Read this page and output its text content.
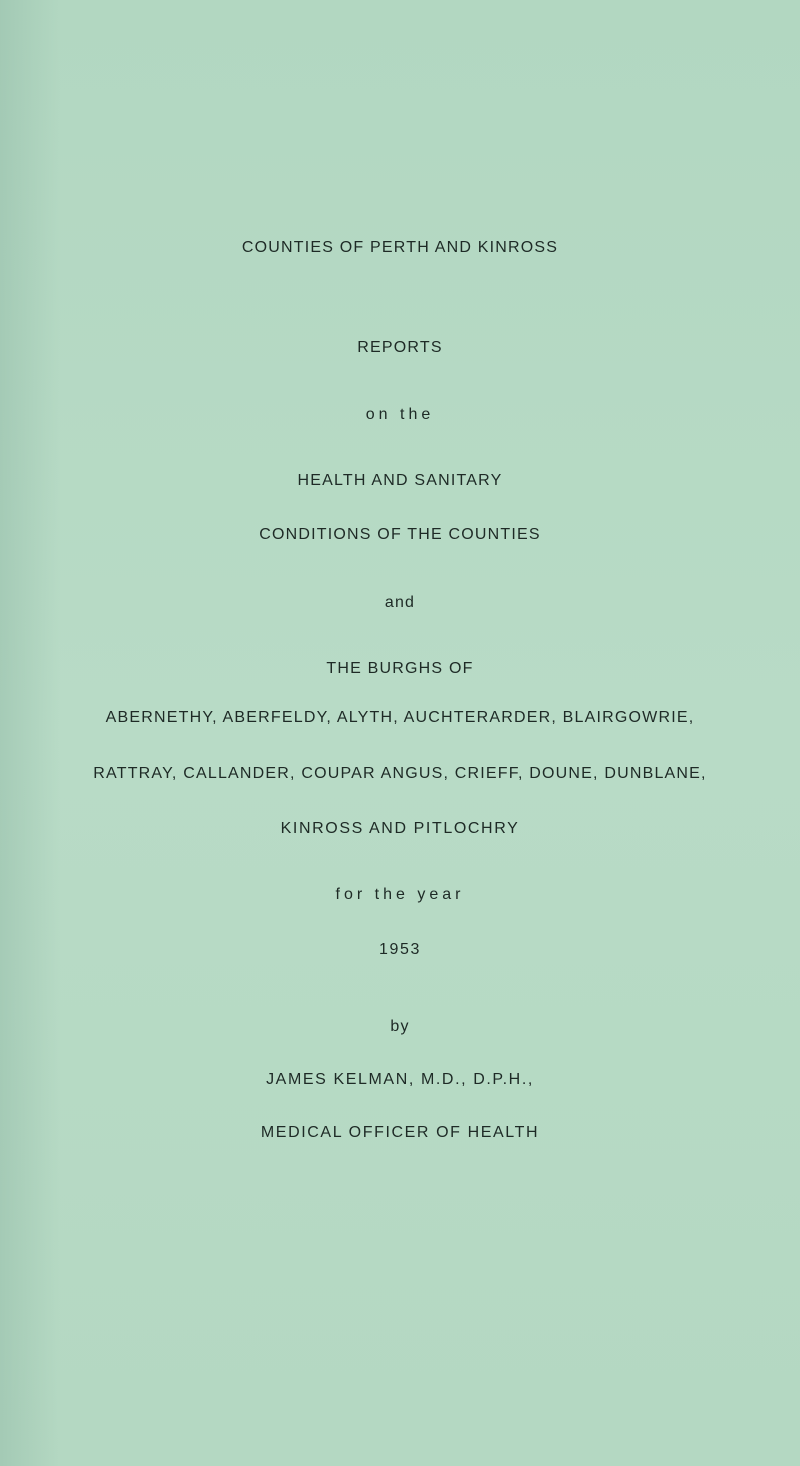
COUNTIES OF PERTH AND KINROSS
REPORTS
on the
HEALTH AND SANITARY
CONDITIONS OF THE COUNTIES
and
THE BURGHS OF
ABERNETHY, ABERFELDY, ALYTH, AUCHTERARDER, BLAIRGOWRIE,
RATTRAY, CALLANDER, COUPAR ANGUS, CRIEFF, DOUNE, DUNBLANE,
KINROSS AND PITLOCHRY
for the year
1953
by
JAMES KELMAN, M.D., D.P.H.,
MEDICAL OFFICER OF HEALTH
